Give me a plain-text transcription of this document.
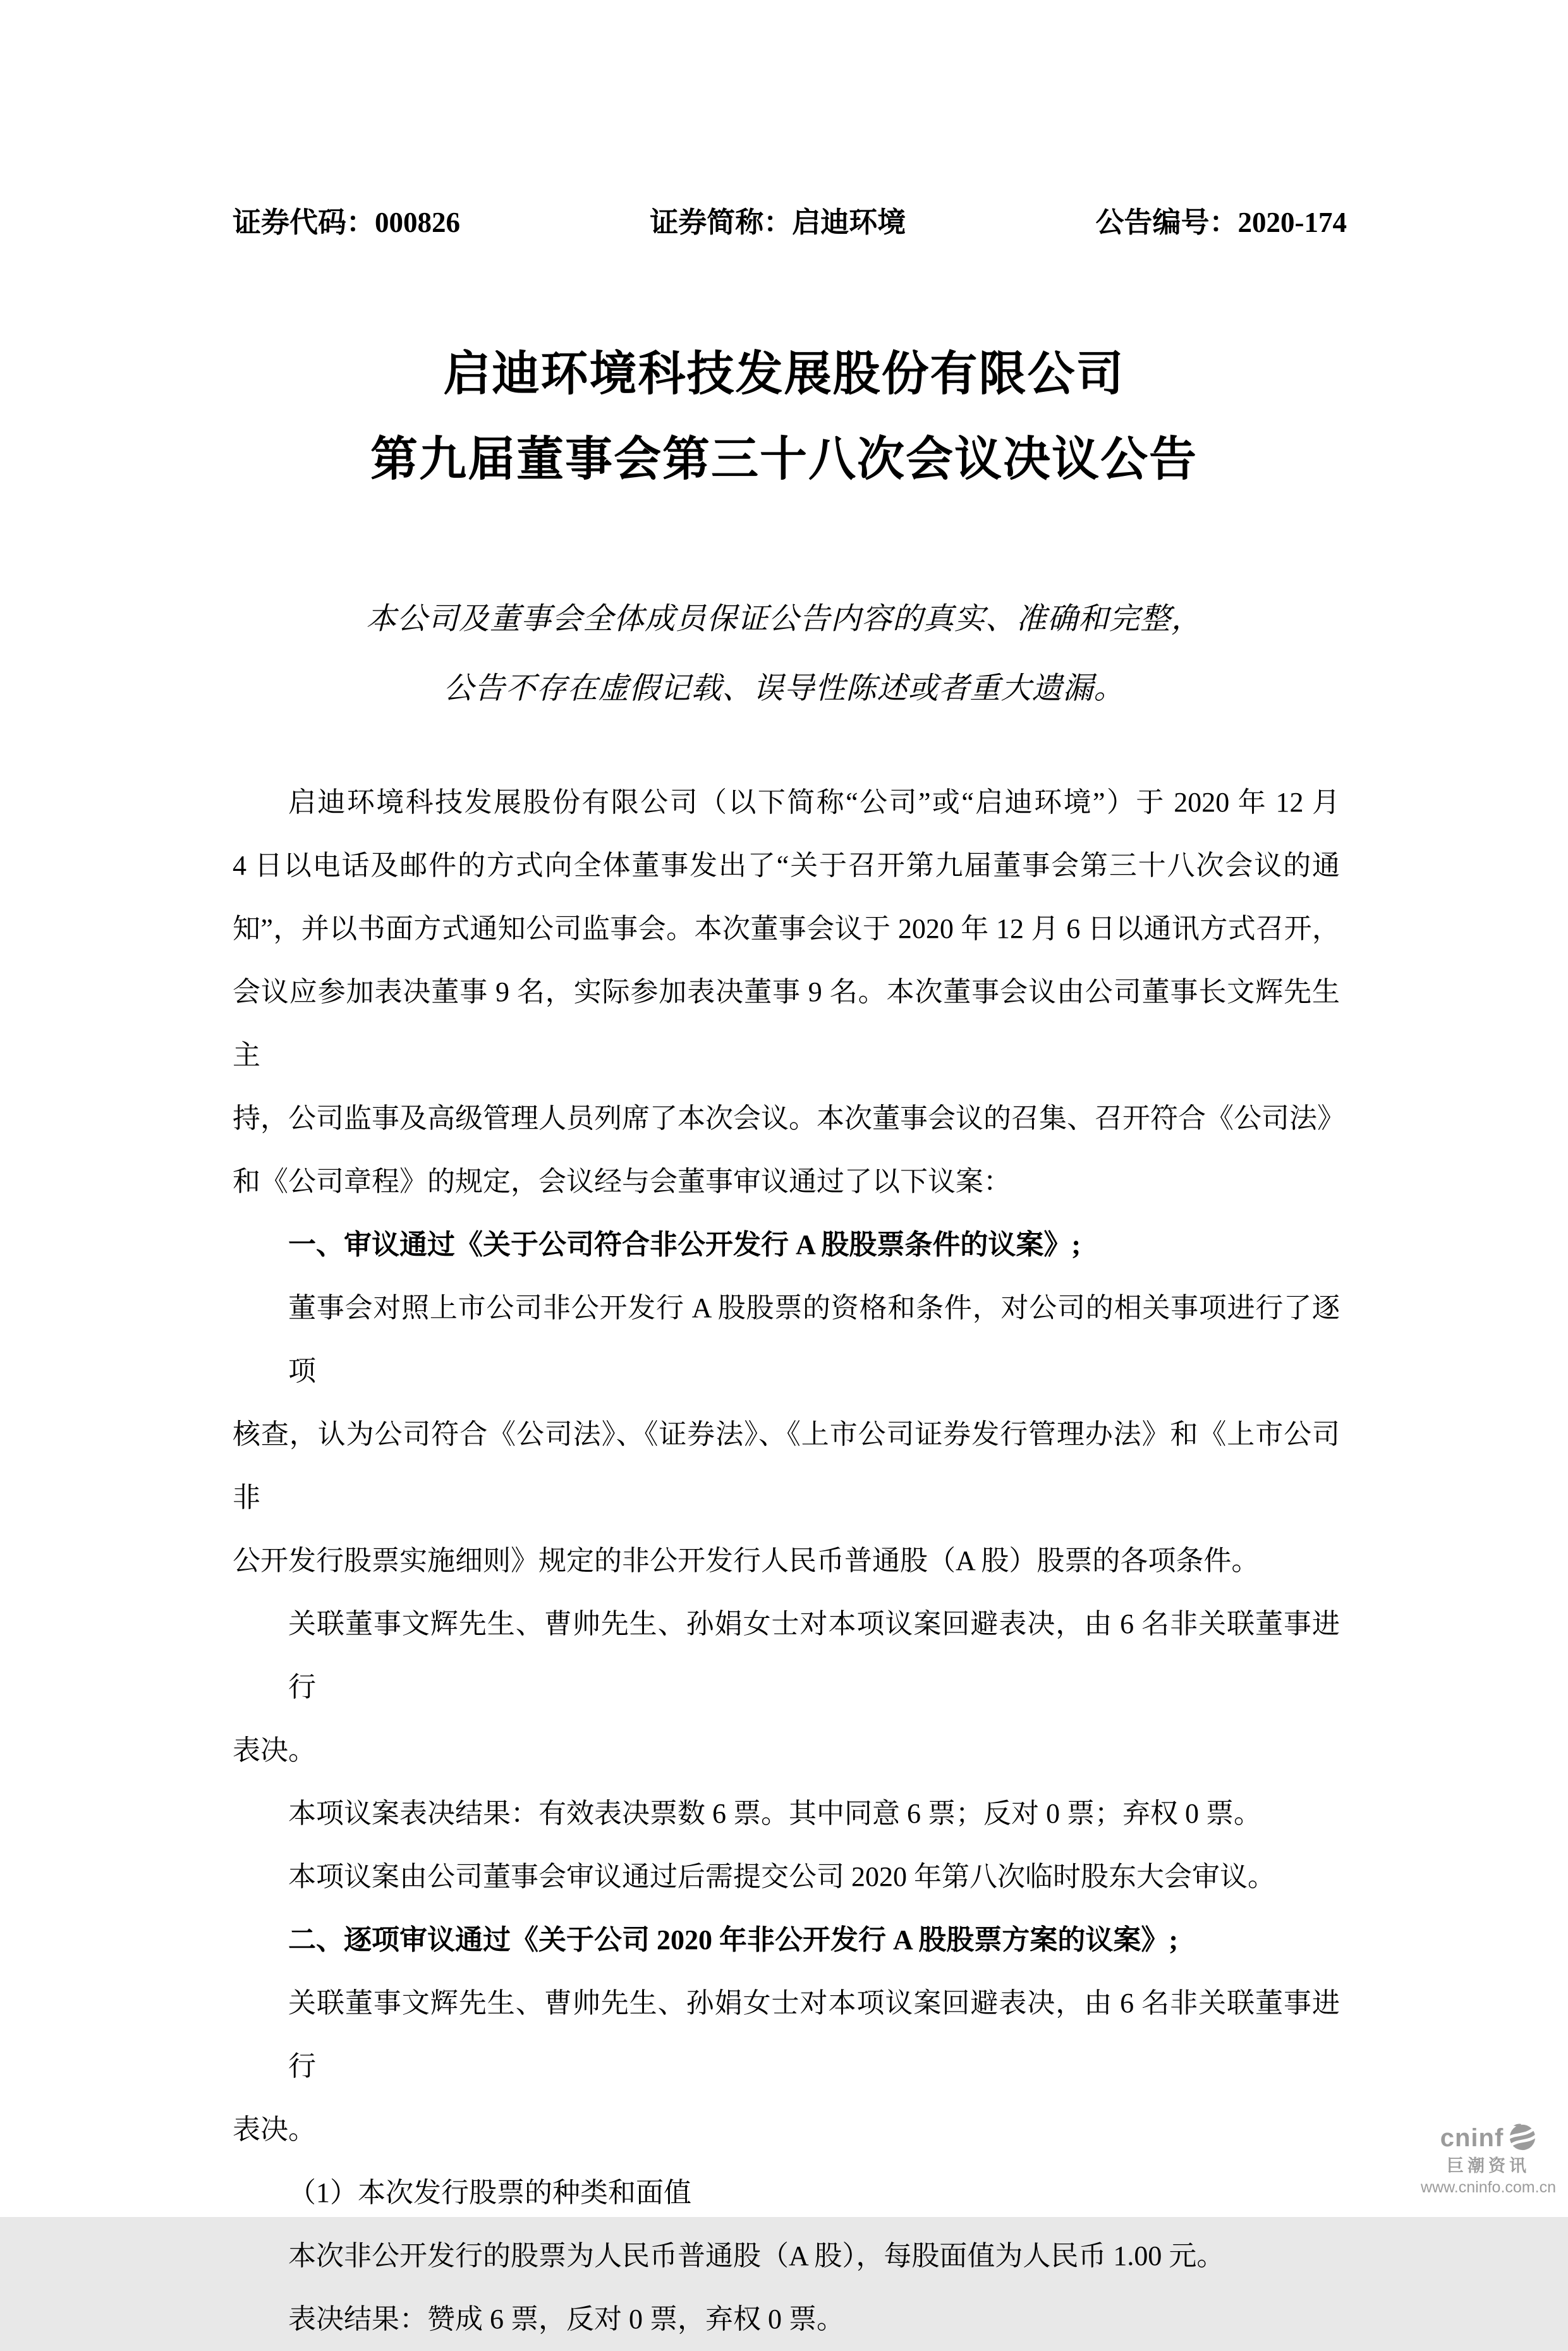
证券代码：000826	证券简称：启迪环境	公告编号：2020-174
启迪环境科技发展股份有限公司
第九届董事会第三十八次会议决议公告
本公司及董事会全体成员保证公告内容的真实、准确和完整，
公告不存在虚假记载、误导性陈述或者重大遗漏。
启迪环境科技发展股份有限公司（以下简称“公司”或“启迪环境”）于 2020 年 12 月
4 日以电话及邮件的方式向全体董事发出了“关于召开第九届董事会第三十八次会议的通
知”，并以书面方式通知公司监事会。本次董事会议于 2020 年 12 月 6 日以通讯方式召开，
会议应参加表决董事 9 名，实际参加表决董事 9 名。本次董事会议由公司董事长文辉先生主
持，公司监事及高级管理人员列席了本次会议。本次董事会议的召集、召开符合《公司法》
和《公司章程》的规定，会议经与会董事审议通过了以下议案：
一、审议通过《关于公司符合非公开发行 A 股股票条件的议案》;
董事会对照上市公司非公开发行 A 股股票的资格和条件，对公司的相关事项进行了逐项
核查，认为公司符合《公司法》、《证券法》、《上市公司证券发行管理办法》和《上市公司非
公开发行股票实施细则》规定的非公开发行人民币普通股（A 股）股票的各项条件。
关联董事文辉先生、曹帅先生、孙娟女士对本项议案回避表决，由 6 名非关联董事进行
表决。
本项议案表决结果：有效表决票数 6 票。其中同意 6 票；反对 0 票；弃权 0 票。
本项议案由公司董事会审议通过后需提交公司 2020 年第八次临时股东大会审议。
二、逐项审议通过《关于公司 2020 年非公开发行 A 股股票方案的议案》;
关联董事文辉先生、曹帅先生、孙娟女士对本项议案回避表决，由 6 名非关联董事进行
表决。
（1）本次发行股票的种类和面值
本次非公开发行的股票为人民币普通股（A 股），每股面值为人民币 1.00 元。
表决结果：赞成 6 票，反对 0 票，弃权 0 票。
cninf
巨潮资讯
www.cninfo.com.cn
